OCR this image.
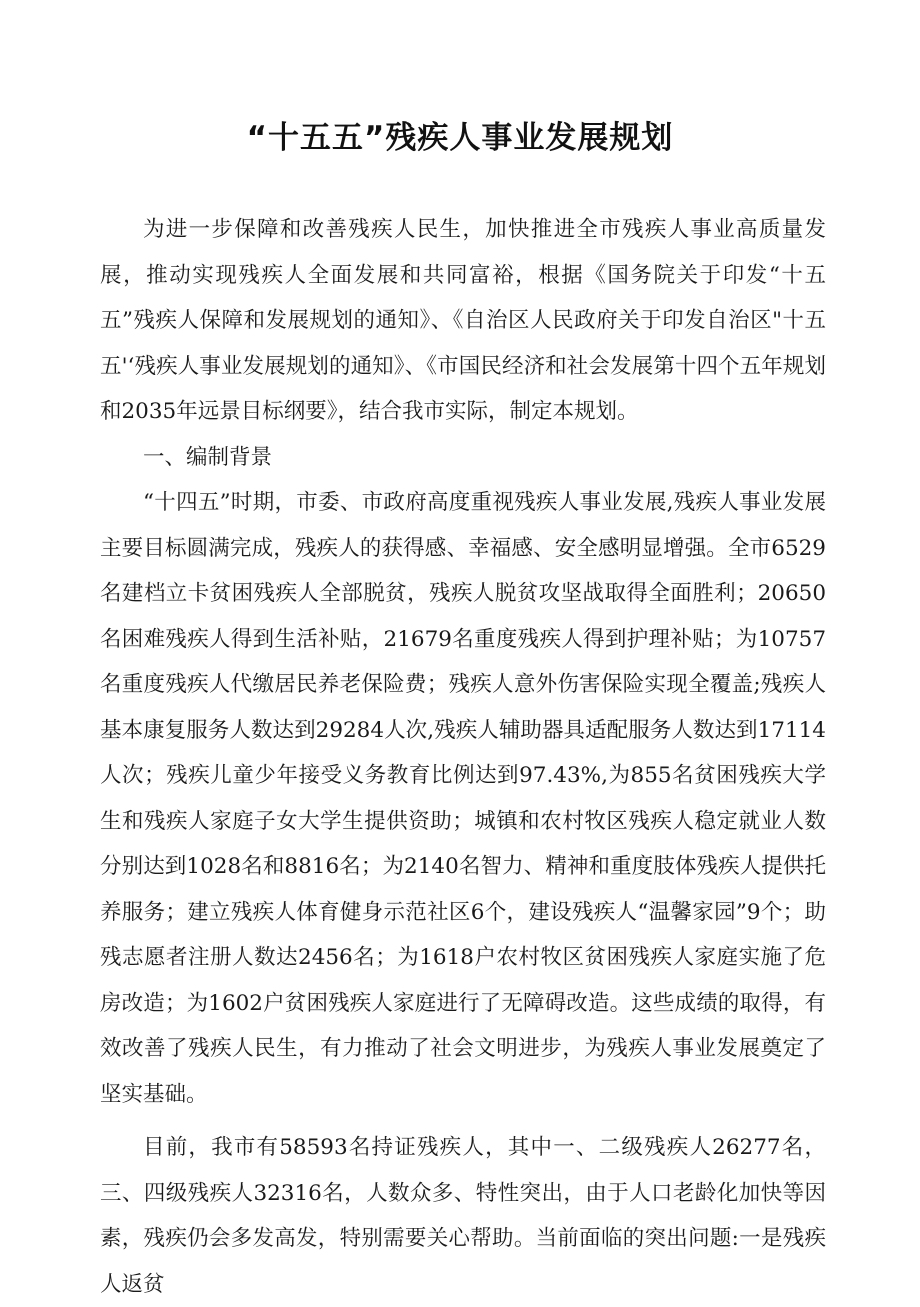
“十五五”残疾人事业发展规划

为进一步保障和改善残疾人民生，加快推进全市残疾人事业高质量发展，推动实现残疾人全面发展和共同富裕，根据《国务院关于印发“十五五”残疾人保障和发展规划的通知》、《自治区人民政府关于印发自治区"十五五'‘残疾人事业发展规划的通知》、《市国民经济和社会发展第十四个五年规划和2035年远景目标纲要》，结合我市实际，制定本规划。

一、编制背景

“十四五”时期，市委、市政府高度重视残疾人事业发展,残疾人事业发展主要目标圆满完成，残疾人的获得感、幸福感、安全感明显增强。全市6529名建档立卡贫困残疾人全部脱贫，残疾人脱贫攻坚战取得全面胜利；20650名困难残疾人得到生活补贴，21679名重度残疾人得到护理补贴；为10757名重度残疾人代缴居民养老保险费；残疾人意外伤害保险实现全覆盖;残疾人基本康复服务人数达到29284人次,残疾人辅助器具适配服务人数达到17114人次；残疾儿童少年接受义务教育比例达到97.43%,为855名贫困残疾大学生和残疾人家庭子女大学生提供资助；城镇和农村牧区残疾人稳定就业人数分别达到1028名和8816名；为2140名智力、精神和重度肢体残疾人提供托养服务；建立残疾人体育健身示范社区6个，建设残疾人“温馨家园”9个；助残志愿者注册人数达2456名；为1618户农村牧区贫困残疾人家庭实施了危房改造；为1602户贫困残疾人家庭进行了无障碍改造。这些成绩的取得，有效改善了残疾人民生，有力推动了社会文明进步，为残疾人事业发展奠定了坚实基础。

目前，我市有58593名持证残疾人，其中一、二级残疾人26277名，三、四级残疾人32316名，人数众多、特性突出，由于人口老龄化加快等因素，残疾仍会多发高发，特别需要关心帮助。当前面临的突出问题:一是残疾人返贫
